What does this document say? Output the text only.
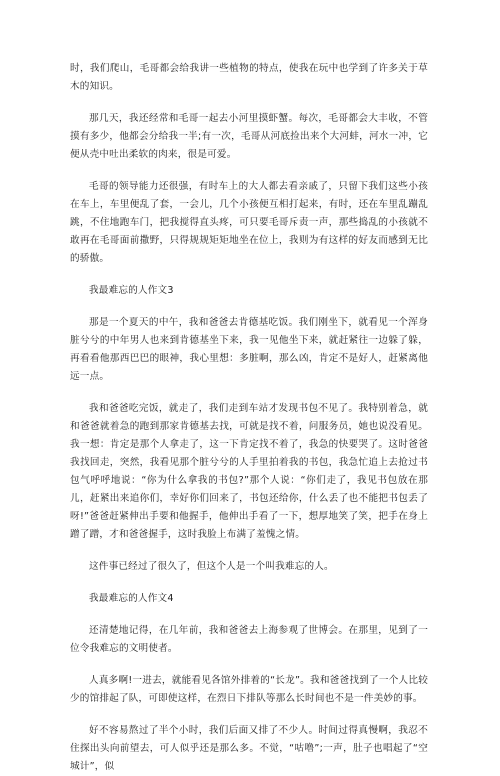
时，我们爬山，毛哥都会给我讲一些植物的特点，使我在玩中也学到了许多关于草木的知识。

那几天，我还经常和毛哥一起去小河里摸虾蟹。每次，毛哥都会大丰收，不管摸有多少，他都会分给我一半;有一次，毛哥从河底捡出来个大河蚌，河水一冲，它便从壳中吐出柔软的肉来，很是可爱。

毛哥的领导能力还很强，有时车上的大人都去看亲戚了，只留下我们这些小孩在车上，车里便乱了套，一会儿，几个小孩便互相打起来，有时，还在车里乱蹦乱跳，不住地跑车门，把我搅得直头疼，可只要毛哥斥责一声，那些捣乱的小孩就不敢再在毛哥面前撒野，只得规规矩矩地坐在位上，我则为有这样的好友而感到无比的骄傲。

我最难忘的人作文3

那是一个夏天的中午，我和爸爸去肯德基吃饭。我们刚坐下，就看见一个浑身脏兮兮的中年男人也来到肯德基坐下来，我一见他坐下来，就赶紧往一边躲了躲，再看看他那西巴巴的眼神，我心里想：多脏啊，那么凶，肯定不是好人，赶紧离他远一点。

我和爸爸吃完饭，就走了，我们走到车站才发现书包不见了。我特别着急，就和爸爸就着急的跑到那家肯德基去找，可就是找不着，问服务员，她也说没看见。我一想：肯定是那个人拿走了，这一下肯定找不着了，我急的快要哭了。这时爸爸我找回走，突然，我看见那个脏兮兮的人手里拍着我的书包，我急忙追上去抢过书包气呼呼地说：“你为什么拿我的书包?”那个人说：“你们走了，我见书包放在那儿，赶紧出来追你们，幸好你们回来了，书包还给你，什么丢了也不能把书包丢了呀!”爸爸赶紧伸出手要和他握手，他伸出手看了一下，想厚地笑了笑，把手在身上蹭了蹭，才和爸爸握手，这时我脸上布满了羞愧之情。

这件事已经过了很久了，但这个人是一个叫我难忘的人。

我最难忘的人作文4

还清楚地记得，在几年前，我和爸爸去上海参观了世博会。在那里，见到了一位令我难忘的文明使者。

人真多啊!一进去，就能看见各馆外排着的“长龙”。我和爸爸找到了一个人比较少的馆排起了队，可即使这样，在烈日下排队等那么长时间也不是一件美妙的事。

好不容易熬过了半个小时，我们后面又排了不少人。时间过得真慢啊，我忍不住探出头向前望去，可人似乎还是那么多。不觉，“咕噜”;一声，肚子也唱起了“空城计”，似
